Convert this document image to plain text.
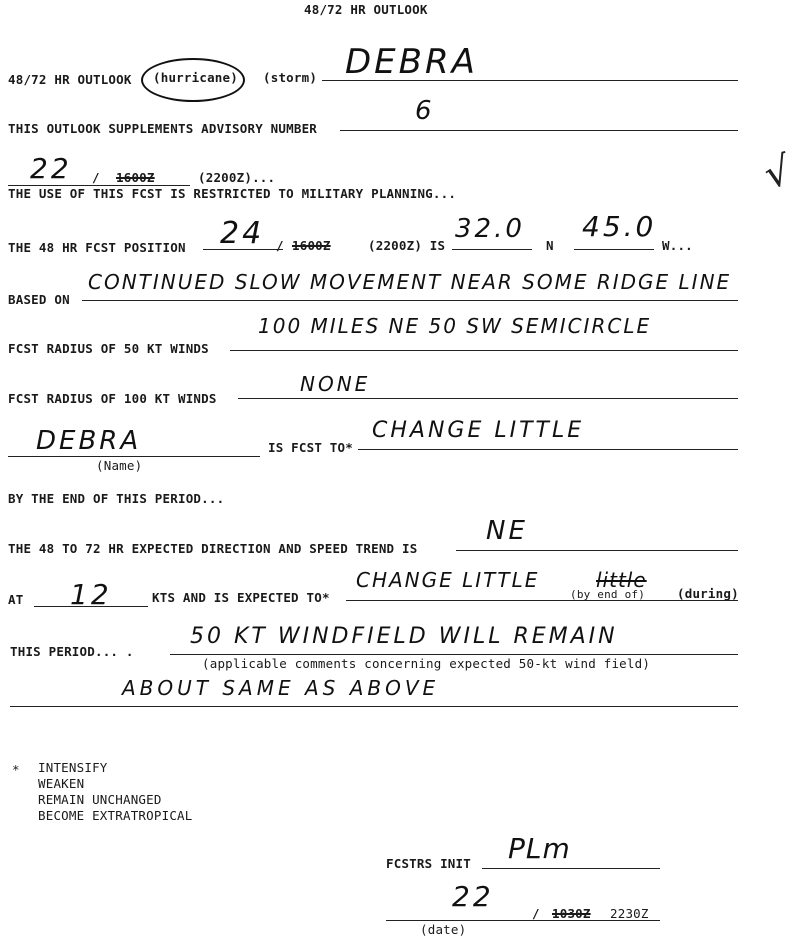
48/72 HR OUTLOOK
48/72 HR OUTLOOK (hurricane) (storm) DEBRA
THIS OUTLOOK SUPPLEMENTS ADVISORY NUMBER
6
22 / 1600Z	(2200Z)...
THE USE OF THIS FCST IS RESTRICTED TO MILITARY PLANNING...	√
THE 48 HR FCST POSITION 24 / 1600Z	(2200Z) IS
32.0
N
45.0
W...
BASED ON
CONTINUED SLOW MOVEMENT NEAR SOME RIDGE LINE
FCST RADIUS OF 50 KT WINDS
100 MILES NE 50 SW SEMICIRCLE
FCST RADIUS OF 100 KT WINDS
NONE
DEBRA
(Name)
IS FCST TO*
CHANGE LITTLE
BY THE END OF THIS PERIOD...
THE 48 TO 72 HR EXPECTED DIRECTION AND SPEED TREND IS
NE
AT 12	KTS AND IS EXPECTED TO*
CHANGE LITTLE	little
(by end of)	(during)
THIS PERIOD... .
50 KT WINDFIELD WILL REMAIN
(applicable comments concerning expected 50-kt wind field)
ABOUT SAME AS ABOVE
* INTENSIFY
WEAKEN
REMAIN UNCHANGED
BECOME EXTRATROPICAL
FCSTRS INIT PLm
22
/ 1030Z 2230Z
(date)
